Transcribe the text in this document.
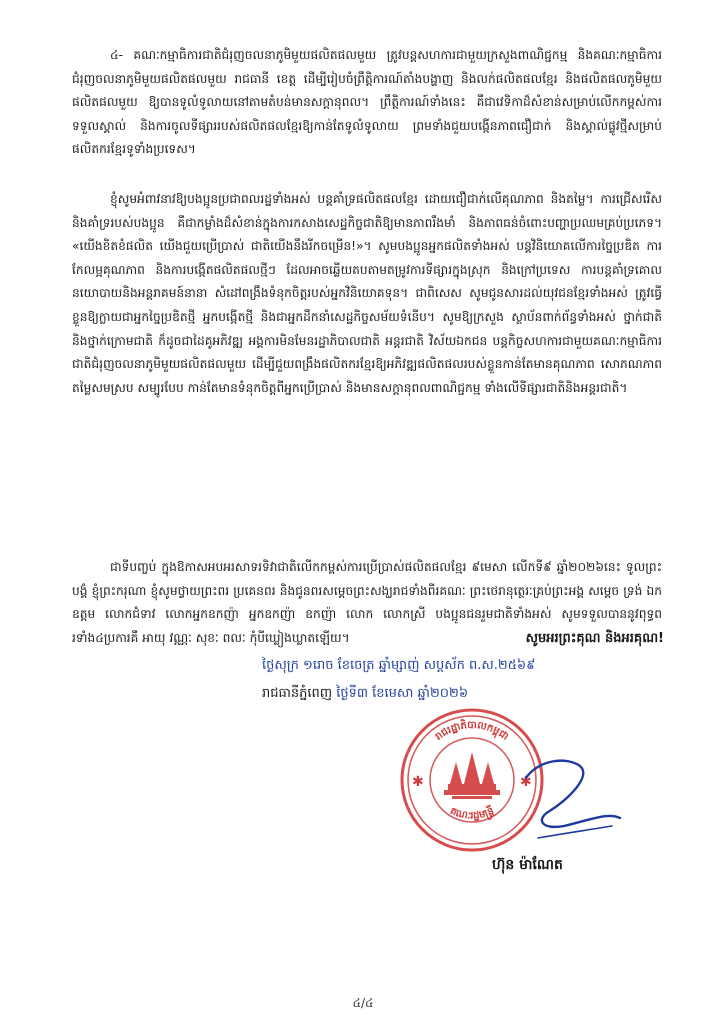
៤- គណៈកម្មាធិការជាតិជំរុញចលនាភូមិមួយផលិតផលមួយ ត្រូវបន្តសហការជាមួយក្រសួងពាណិជ្ជកម្ម និងគណៈកម្មាធិការជំរុញចលនាភូមិមួយផលិតផលមួយ រាជធានី ខេត្ត ដើម្បីរៀបចំព្រឹត្តិការណ៍តាំងបង្ហាញ និងលក់ផលិតផលខ្មែរ និងផលិតផលភូមិមួយផលិតផលមួយ ឱ្យបានទូលំទូលាយនៅតាមតំបន់មានសក្តានុពល។ ព្រឹត្តិការណ៍ទាំងនេះ គឺជាវេទិកាដ៏សំខាន់សម្រាប់លើកកម្ពស់ការទទួលស្គាល់ និងការចូលទីផ្សាររបស់ផលិតផលខ្មែរឱ្យកាន់តែទូលំទូលាយ ព្រមទាំងជួយបង្កើនភាពជឿជាក់ និងស្គាល់ផ្លូវថ្មីសម្រាប់ផលិតករខ្មែរទូទាំងប្រទេស។
ខ្ញុំសូមអំពាវនាវឱ្យបងប្អូនប្រជាពលរដ្ឋទាំងអស់ បន្តគាំទ្រផលិតផលខ្មែរ ដោយជឿជាក់លើគុណភាព និងតម្លៃ។ ការជ្រើសរើសនិងគាំទ្ររបស់បងប្អូន គឺជាកម្លាំងដ៏សំខាន់ក្នុងការកសាងសេដ្ឋកិច្ចជាតិឱ្យមានភាពរឹងមាំ និងភាពធន់ចំពោះបញ្ហាប្រឈមគ្រប់ប្រភេទ។ «យើងខិតខំផលិត យើងជួយប្រើប្រាស់ ជាតិយើងនឹងរីកចម្រើន!»។ សូមបងប្អូនអ្នកផលិតទាំងអស់ បន្តវិនិយោគលើការច្នៃប្រឌិត ការកែលម្អគុណភាព និងការបង្កើតផលិតផលថ្មីៗ ដែលអាចឆ្លើយតបតាមតម្រូវការទីផ្សារក្នុងស្រុក និងក្រៅប្រទេស ការបន្តគាំទ្រគោលនយោបាយនិងអន្តរាគមន៍នានា សំដៅពង្រឹងទំនុកចិត្តរបស់អ្នកវិនិយោគទុន។ ជាពិសេស សូមជូនសារដល់យុវជនខ្មែរទាំងអស់ ត្រូវធ្វើខ្លួនឱ្យក្លាយជាអ្នកច្នៃប្រឌិតថ្មី អ្នកបង្កើតថ្មី និងជាអ្នកដឹកនាំសេដ្ឋកិច្ចសម័យទំនើប។ សូមឱ្យក្រសួង ស្ថាប័នពាក់ព័ន្ធទាំងអស់ ថ្នាក់ជាតិ និងថ្នាក់ក្រោមជាតិ ក៏ដូចជាដៃគូអភិវឌ្ឍ អង្គការមិនមែនរដ្ឋាភិបាលជាតិ អន្តរជាតិ វិស័យឯកជន បន្តកិច្ចសហការជាមួយគណៈកម្មាធិការជាតិជំរុញចលនាភូមិមួយផលិតផលមួយ ដើម្បីជួយពង្រឹងផលិតករខ្មែរឱ្យអភិវឌ្ឍផលិតផលរបស់ខ្លួនកាន់តែមានគុណភាព សោភណភាព តម្លៃសមស្រប សម្បូរបែប កាន់តែមានទំនុកចិត្តពីអ្នកប្រើប្រាស់ និងមានសក្តានុពលពាណិជ្ជកម្ម ទាំងលើទីផ្សារជាតិនិងអន្តរជាតិ។
ជាទីបញ្ចប់ ក្នុងឱកាសអបអរសាទរទិវាជាតិលើកកម្ពស់ការប្រើប្រាស់ផលិតផលខ្មែរ ៩មេសា លើកទី៩ ឆ្នាំ២០២៦នេះ ទូលព្រះបង្គំ ខ្ញុំព្រះករុណា ខ្ញុំសូមថ្វាយព្រះពរ ប្រគេនពរ និងជូនពរសម្តេចព្រះសង្ឃរាជទាំងពីរគណៈ ព្រះថេរានុត្ថេរៈគ្រប់ព្រះអង្គ សម្តេច ទ្រង់ ឯកឧត្តម លោកជំទាវ លោកអ្នកឧកញ៉ា អ្នកឧកញ៉ា ឧកញ៉ា លោក លោកស្រី បងប្អូនជនរួមជាតិទាំងអស់ សូមទទួលបាននូវពុទ្ធពរទាំង៤ប្រការគឺ អាយុ វណ្ណៈ សុខៈ ពលៈ កុំបីឃ្លៀងឃ្លាតឡើយ។	សូមអរព្រះគុណ និងអរគុណ!
ថ្ងៃសុក្រ ១រោច ខែចេត្រ ឆ្នាំម្សាញ់ សប្តស័ក ព.ស.២៥៦៩
រាជធានីភ្នំពេញ ថ្ងៃទី៣ ខែមេសា ឆ្នាំ២០២៦
រាជរដ្ឋាភិបាលកម្ពុជា
គណៈរដ្ឋមន្ត្រី
✱	✱
ហ៊ុន ម៉ាណែត
៤/៤
